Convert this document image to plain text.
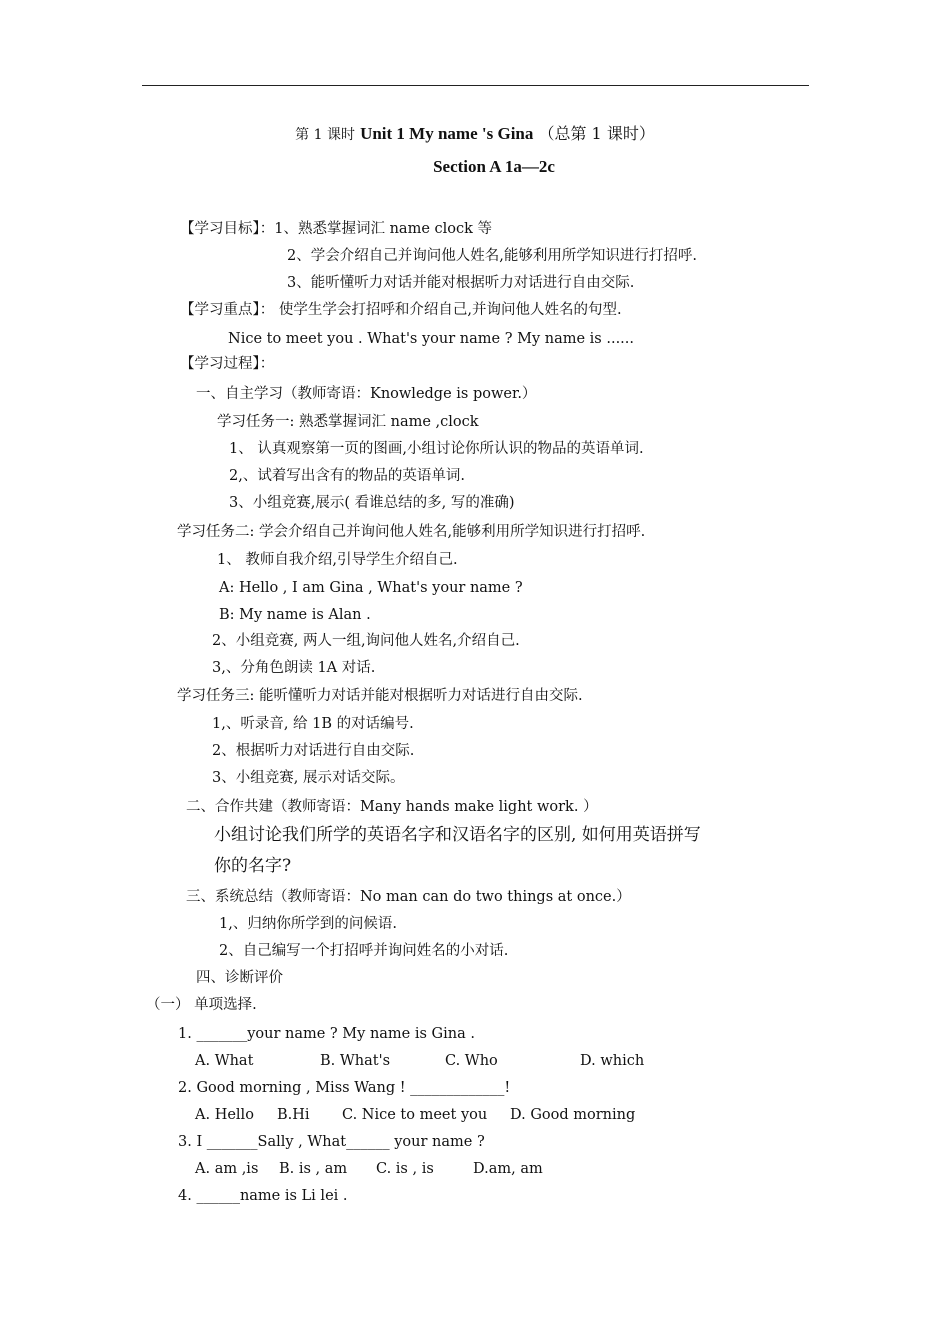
第 1 课时 Unit 1 My name 's Gina （总第 1 课时）
Section A 1a—2c
【学习目标】：1、熟悉掌握词汇 name clock 等
2、学会介绍自己并询问他人姓名,能够利用所学知识进行打招呼.
3、能听懂听力对话并能对根据听力对话进行自由交际.
【学习重点】： 使学生学会打招呼和介绍自己,并询问他人姓名的句型.
Nice to meet you . What's your name ? My name is ......
【学习过程】：
一、自主学习（教师寄语：Knowledge is power.）
学习任务一: 熟悉掌握词汇 name ,clock
1、 认真观察第一页的图画,小组讨论你所认识的物品的英语单词.
2,、试着写出含有的物品的英语单词.
3、小组竞赛,展示( 看谁总结的多, 写的准确)
学习任务二: 学会介绍自己并询问他人姓名,能够利用所学知识进行打招呼.
1、 教师自我介绍,引导学生介绍自己.
A: Hello , I am Gina , What's your name ?
B: My name is Alan .
2、小组竞赛, 两人一组,询问他人姓名,介绍自己.
3,、分角色朗读 1A 对话.
学习任务三: 能听懂听力对话并能对根据听力对话进行自由交际.
1,、听录音, 给 1B 的对话编号.
2、根据听力对话进行自由交际.
3、小组竞赛, 展示对话交际。
二、合作共建（教师寄语：Many hands make light work. ）
小组讨论我们所学的英语名字和汉语名字的区别, 如何用英语拼写
你的名字?
三、系统总结（教师寄语：No man can do two things at once.）
1,、归纳你所学到的问候语.
2、自己编写一个打招呼并询问姓名的小对话.
四、诊断评价
（一） 单项选择.
1. _______your name ? My name is Gina .
A. What	B. What's	C. Who	D. which
2. Good morning , Miss Wang ! _____________!
A. Hello B.Hi C. Nice to meet you D. Good morning
3. I _______Sally , What______ your name ?
A. am ,is B. is , am C. is , is	D.am, am
4. ______name is Li lei .
